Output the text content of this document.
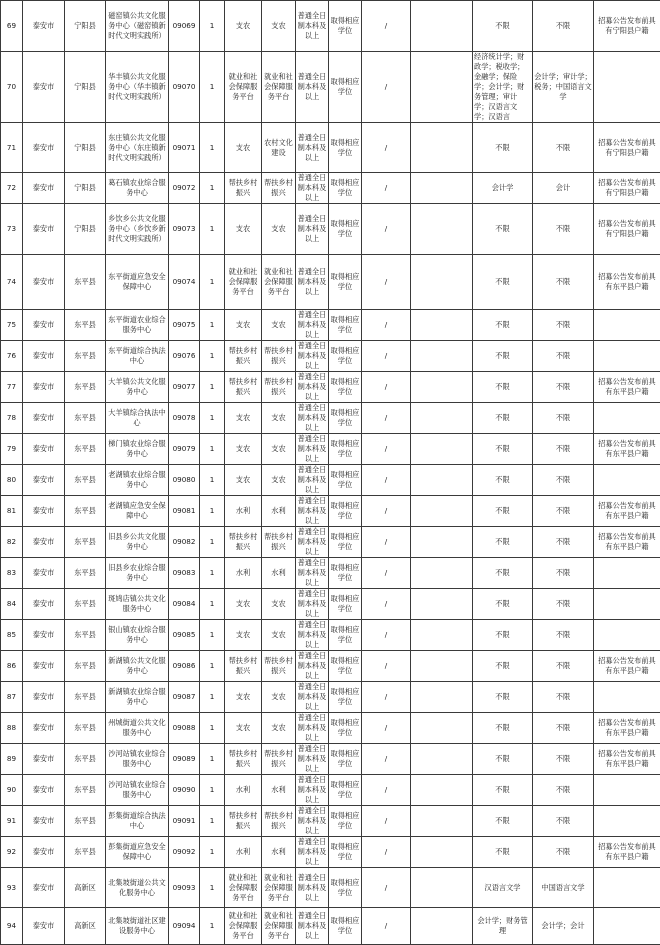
69	泰安市	宁阳县	磁窑镇公共文化服务中心（磁窑镇新时代文明实践所）	09069	1	支农	支农	普通全日制本科及以上	取得相应学位	/		不限	不限	招募公告发布前具有宁阳县户籍
70	泰安市	宁阳县	华丰镇公共文化服务中心（华丰镇新时代文明实践所）	09070	1	就业和社会保障服务平台	就业和社会保障服务平台	普通全日制本科及以上	取得相应学位	/		经济统计学；财政学；税收学；金融学；保险学；会计学；财务管理；审计学；汉语言文学；汉语言	会计学；审计学；税务；中国语言文学	
71	泰安市	宁阳县	东庄镇公共文化服务中心（东庄镇新时代文明实践所）	09071	1	支农	农村文化建设	普通全日制本科及以上	取得相应学位	/		不限	不限	招募公告发布前具有宁阳县户籍
72	泰安市	宁阳县	葛石镇农业综合服务中心	09072	1	帮扶乡村振兴	帮扶乡村振兴	普通全日制本科及以上	取得相应学位	/		会计学	会计	招募公告发布前具有宁阳县户籍
73	泰安市	宁阳县	乡饮乡公共文化服务中心（乡饮乡新时代文明实践所）	09073	1	支农	支农	普通全日制本科及以上	取得相应学位	/		不限	不限	招募公告发布前具有宁阳县户籍
74	泰安市	东平县	东平街道应急安全保障中心	09074	1	就业和社会保障服务平台	就业和社会保障服务平台	普通全日制本科及以上	取得相应学位	/		不限	不限	招募公告发布前具有东平县户籍
75	泰安市	东平县	东平街道农业综合服务中心	09075	1	支农	支农	普通全日制本科及以上	取得相应学位	/		不限	不限	
76	泰安市	东平县	东平街道综合执法中心	09076	1	帮扶乡村振兴	帮扶乡村振兴	普通全日制本科及以上	取得相应学位	/		不限	不限	
77	泰安市	东平县	大羊镇公共文化服务中心	09077	1	帮扶乡村振兴	帮扶乡村振兴	普通全日制本科及以上	取得相应学位	/		不限	不限	招募公告发布前具有东平县户籍
78	泰安市	东平县	大羊镇综合执法中心	09078	1	支农	支农	普通全日制本科及以上	取得相应学位	/		不限	不限	
79	泰安市	东平县	梯门镇农业综合服务中心	09079	1	支农	支农	普通全日制本科及以上	取得相应学位	/		不限	不限	招募公告发布前具有东平县户籍
80	泰安市	东平县	老湖镇农业综合服务中心	09080	1	支农	支农	普通全日制本科及以上	取得相应学位	/		不限	不限	
81	泰安市	东平县	老湖镇应急安全保障中心	09081	1	水利	水利	普通全日制本科及以上	取得相应学位	/		不限	不限	招募公告发布前具有东平县户籍
82	泰安市	东平县	旧县乡公共文化服务中心	09082	1	帮扶乡村振兴	帮扶乡村振兴	普通全日制本科及以上	取得相应学位	/		不限	不限	招募公告发布前具有东平县户籍
83	泰安市	东平县	旧县乡农业综合服务中心	09083	1	水利	水利	普通全日制本科及以上	取得相应学位	/		不限	不限	
84	泰安市	东平县	斑鸠店镇公共文化服务中心	09084	1	支农	支农	普通全日制本科及以上	取得相应学位	/		不限	不限	
85	泰安市	东平县	银山镇农业综合服务中心	09085	1	支农	支农	普通全日制本科及以上	取得相应学位	/		不限	不限	
86	泰安市	东平县	新湖镇公共文化服务中心	09086	1	帮扶乡村振兴	帮扶乡村振兴	普通全日制本科及以上	取得相应学位	/		不限	不限	招募公告发布前具有东平县户籍
87	泰安市	东平县	新湖镇农业综合服务中心	09087	1	支农	支农	普通全日制本科及以上	取得相应学位	/		不限	不限	
88	泰安市	东平县	州城街道公共文化服务中心	09088	1	支农	支农	普通全日制本科及以上	取得相应学位	/		不限	不限	招募公告发布前具有东平县户籍
89	泰安市	东平县	沙河站镇农业综合服务中心	09089	1	帮扶乡村振兴	帮扶乡村振兴	普通全日制本科及以上	取得相应学位	/		不限	不限	招募公告发布前具有东平县户籍
90	泰安市	东平县	沙河站镇农业综合服务中心	09090	1	水利	水利	普通全日制本科及以上	取得相应学位	/		不限	不限	
91	泰安市	东平县	彭集街道综合执法中心	09091	1	帮扶乡村振兴	帮扶乡村振兴	普通全日制本科及以上	取得相应学位	/		不限	不限	
92	泰安市	东平县	彭集街道应急安全保障中心	09092	1	水利	水利	普通全日制本科及以上	取得相应学位	/		不限	不限	招募公告发布前具有东平县户籍
93	泰安市	高新区	北集坡街道公共文化服务中心	09093	1	就业和社会保障服务平台	就业和社会保障服务平台	普通全日制本科及以上	取得相应学位	/		汉语言文学	中国语言文学	
94	泰安市	高新区	北集坡街道社区建设服务中心	09094	1	就业和社会保障服务平台	就业和社会保障服务平台	普通全日制本科及以上	取得相应学位	/		会计学；财务管理	会计学；会计	
